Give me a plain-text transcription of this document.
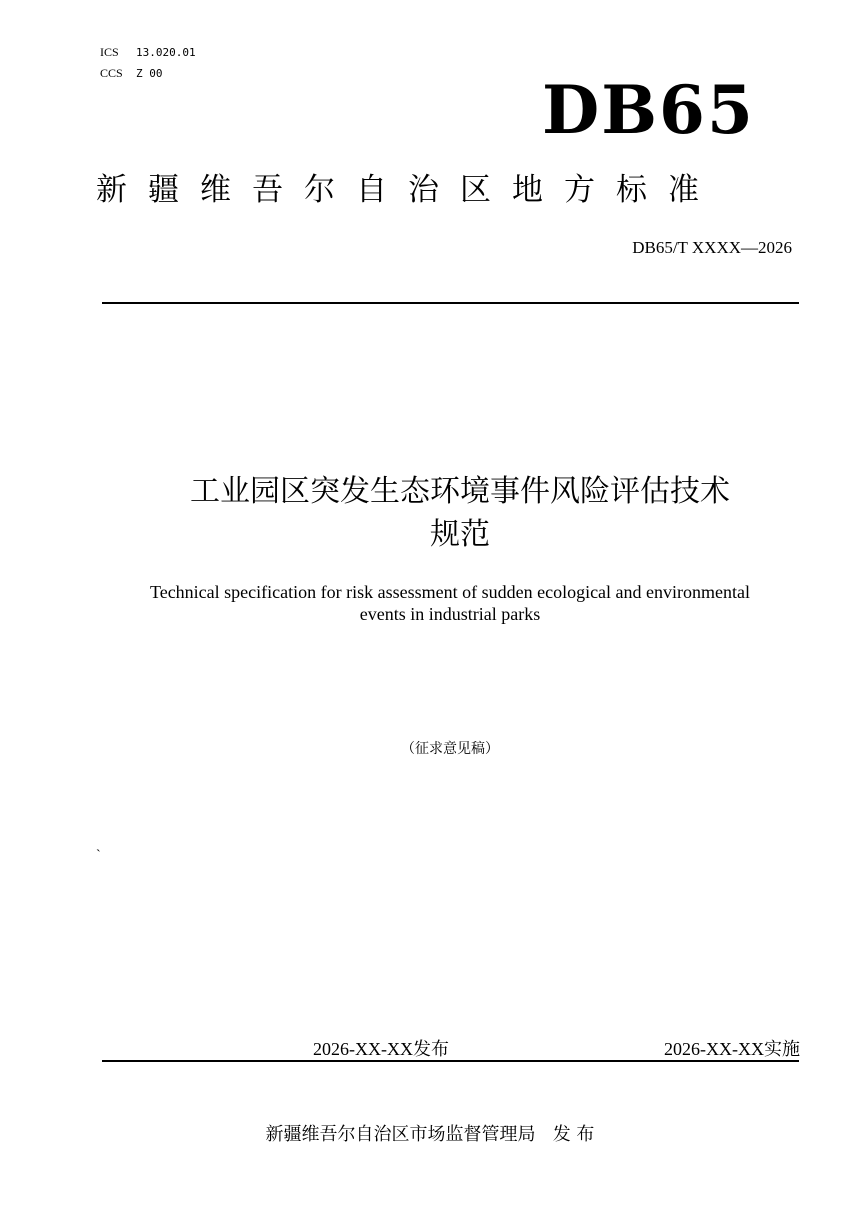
ICS 13.020.01
CCS Z 00	DB65
新疆维吾尔自治区地方标准
DB65/T XXXX—2026
工业园区突发生态环境事件风险评估技术
规范
Technical specification for risk assessment of sudden ecological and environmental
events in industrial parks
（征求意见稿）
`
2026-XX-XX发布	2026-XX-XX实施
新疆维吾尔自治区市场监督管理局   发 布
